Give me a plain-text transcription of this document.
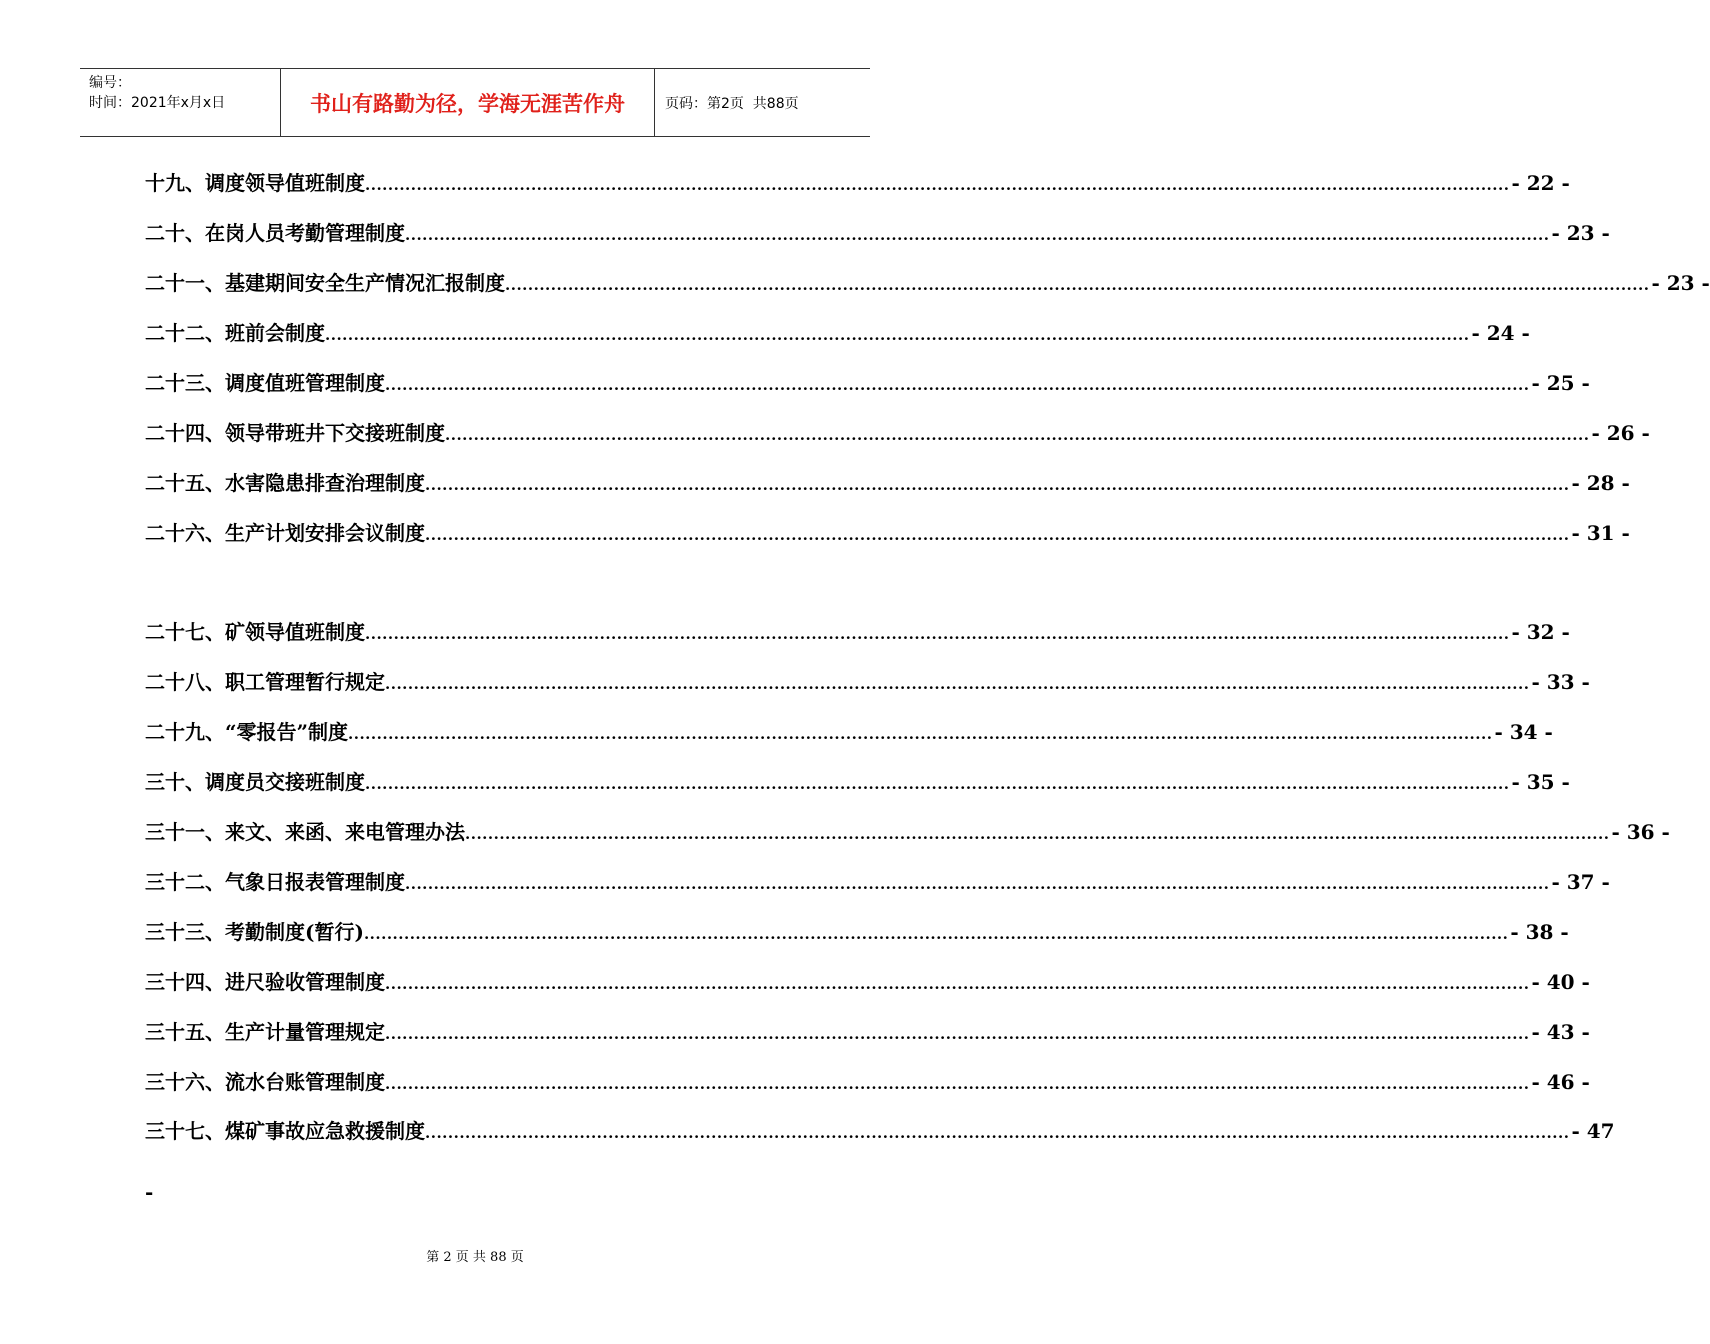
编号：
时间：2021年x月x日	书山有路勤为径，学海无涯苦作舟	页码：第2页  共88页
十九、调度领导值班制度 ........................................................................................................................................................................................................ - 22 -
二十、在岗人员考勤管理制度 ........................................................................................................................................................................................................ - 23 -
二十一、基建期间安全生产情况汇报制度 ........................................................................................................................................................................................................ - 23 -
二十二、班前会制度 ........................................................................................................................................................................................................ - 24 -
二十三、调度值班管理制度 ........................................................................................................................................................................................................ - 25 -
二十四、领导带班井下交接班制度 ........................................................................................................................................................................................................ - 26 -
二十五、水害隐患排查治理制度 ........................................................................................................................................................................................................ - 28 -
二十六、生产计划安排会议制度 ........................................................................................................................................................................................................ - 31 -
二十七、矿领导值班制度 ........................................................................................................................................................................................................ - 32 -
二十八、职工管理暂行规定 ........................................................................................................................................................................................................ - 33 -
二十九、“零报告”制度 ........................................................................................................................................................................................................ - 34 -
三十、调度员交接班制度 ........................................................................................................................................................................................................ - 35 -
三十一、来文、来函、来电管理办法 ........................................................................................................................................................................................................ - 36 -
三十二、气象日报表管理制度 ........................................................................................................................................................................................................ - 37 -
三十三、考勤制度(暂行) ........................................................................................................................................................................................................ - 38 -
三十四、进尺验收管理制度 ........................................................................................................................................................................................................ - 40 -
三十五、生产计量管理规定 ........................................................................................................................................................................................................ - 43 -
三十六、流水台账管理制度 ........................................................................................................................................................................................................ - 46 -
三十七、煤矿事故应急救援制度 ........................................................................................................................................................................................................ - 47
-
第 2 页 共 88 页
